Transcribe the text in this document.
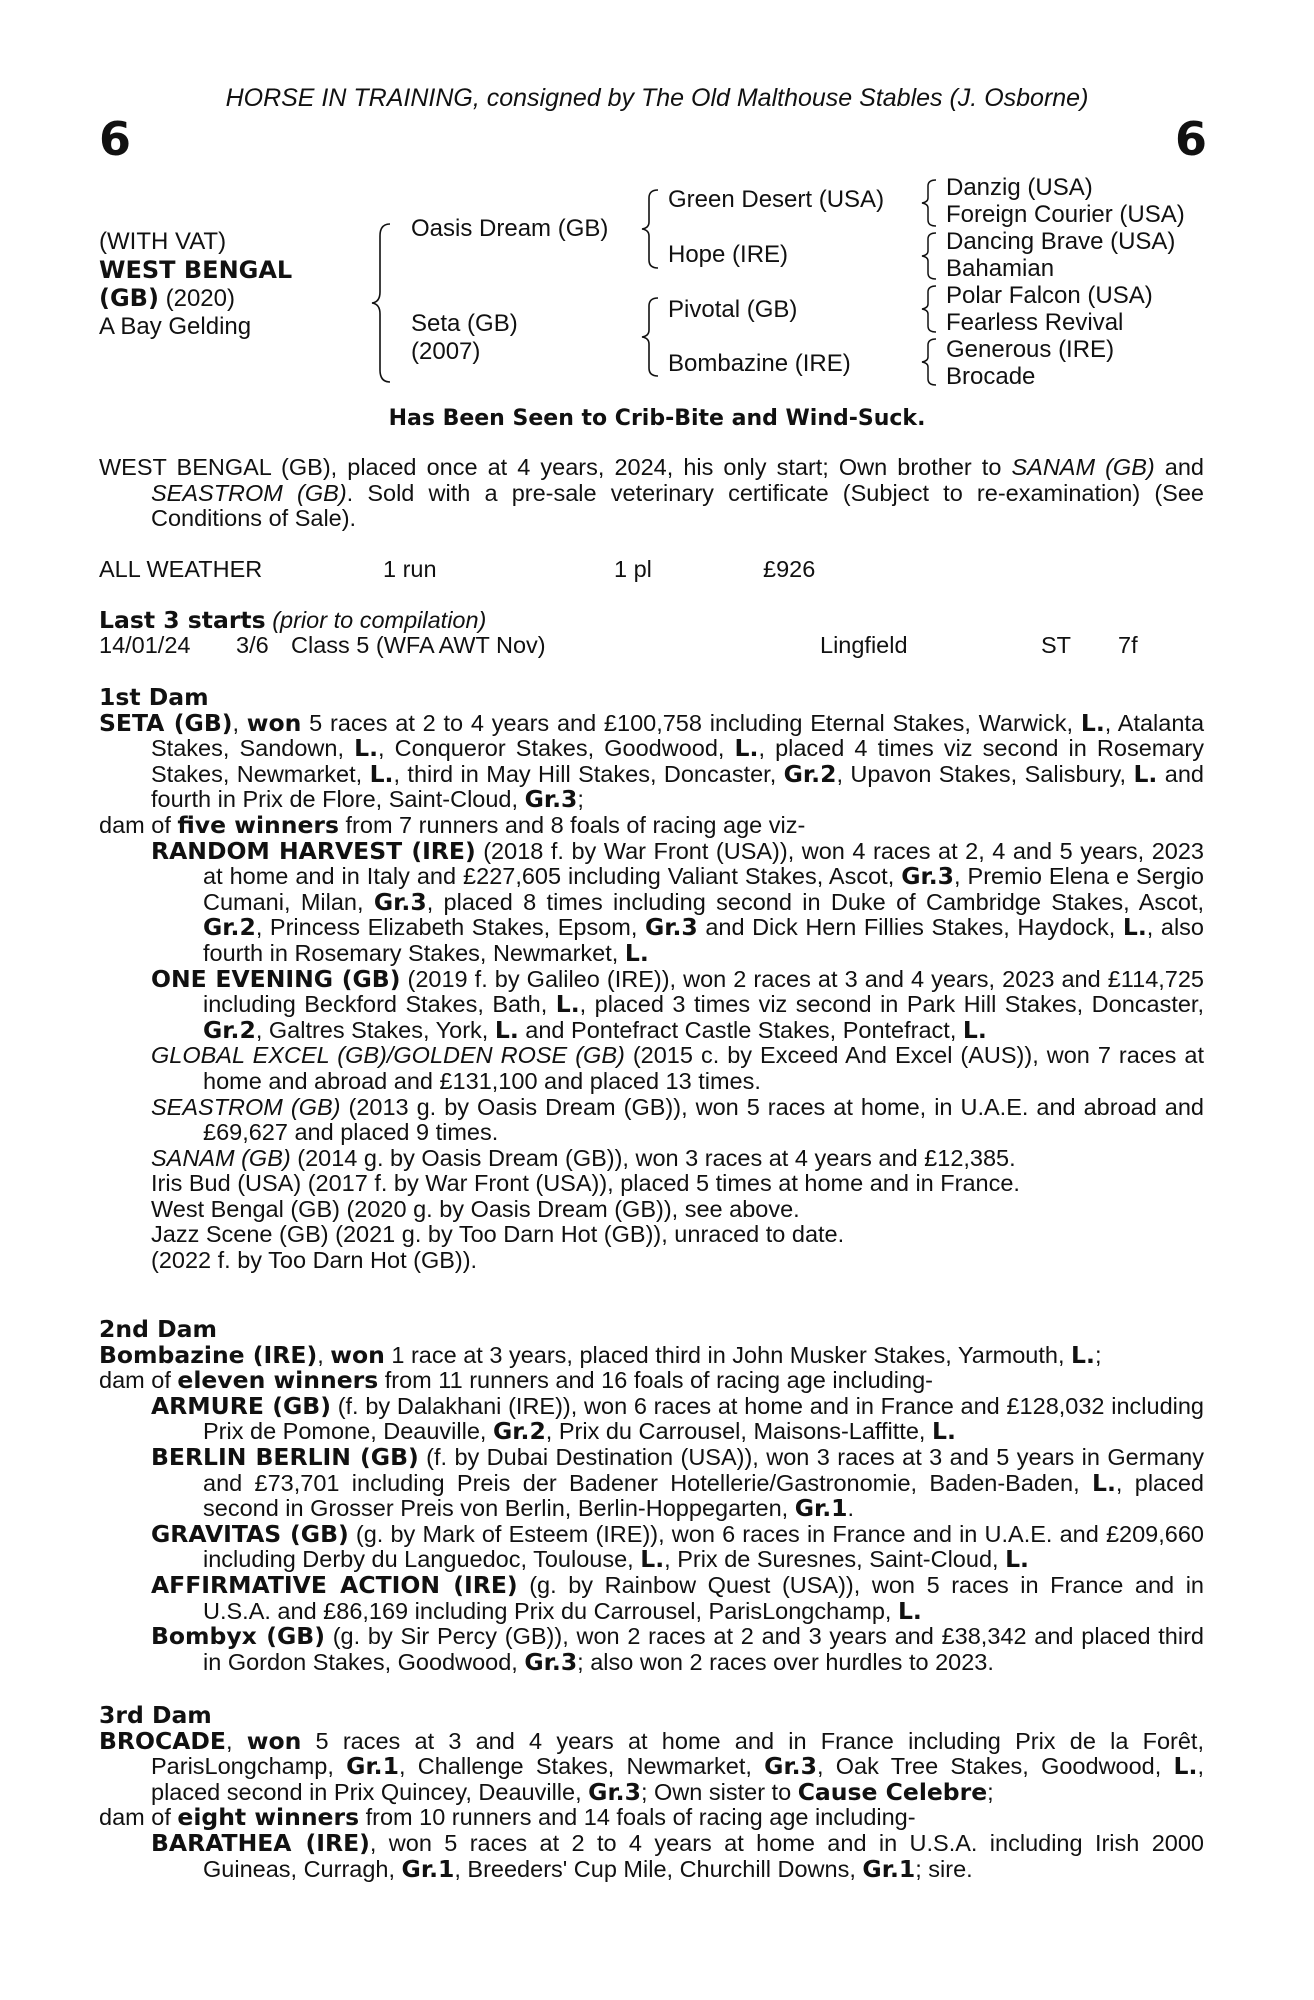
HORSE IN TRAINING, consigned by The Old Malthouse Stables (J. Osborne)
6	6
(WITH VAT)
WEST BENGAL
(GB) (2020)
A Bay Gelding
Oasis Dream (GB)
Seta (GB)
(2007)
Green Desert (USA)
Hope (IRE)
Pivotal (GB)
Bombazine (IRE)
Danzig (USA)
Foreign Courier (USA)
Dancing Brave (USA)
Bahamian
Polar Falcon (USA)
Fearless Revival
Generous (IRE)
Brocade
Has Been Seen to Crib-Bite and Wind-Suck.

WEST BENGAL (GB), placed once at 4 years, 2024, his only start; Own brother to SANAM (GB) and SEASTROM (GB). Sold with a pre-sale veterinary certificate (Subject to re-examination) (See Conditions of Sale).

ALL WEATHER	1 run	1 pl	£926
Last 3 starts (prior to compilation)
14/01/24 3/6 Class 5 (WFA AWT Nov)	Lingfield	ST 7f

1st Dam

SETA (GB), won 5 races at 2 to 4 years and £100,758 including Eternal Stakes, Warwick, L., Atalanta Stakes, Sandown, L., Conqueror Stakes, Goodwood, L., placed 4 times viz second in Rosemary Stakes, Newmarket, L., third in May Hill Stakes, Doncaster, Gr.2, Upavon Stakes, Salisbury, L. and fourth in Prix de Flore, Saint-Cloud, Gr.3;

dam of five winners from 7 runners and 8 foals of racing age viz-

RANDOM HARVEST (IRE) (2018 f. by War Front (USA)), won 4 races at 2, 4 and 5 years, 2023 at home and in Italy and £227,605 including Valiant Stakes, Ascot, Gr.3, Premio Elena e Sergio Cumani, Milan, Gr.3, placed 8 times including second in Duke of Cambridge Stakes, Ascot, Gr.2, Princess Elizabeth Stakes, Epsom, Gr.3 and Dick Hern Fillies Stakes, Haydock, L., also fourth in Rosemary Stakes, Newmarket, L.

ONE EVENING (GB) (2019 f. by Galileo (IRE)), won 2 races at 3 and 4 years, 2023 and £114,725 including Beckford Stakes, Bath, L., placed 3 times viz second in Park Hill Stakes, Doncaster, Gr.2, Galtres Stakes, York, L. and Pontefract Castle Stakes, Pontefract, L.

GLOBAL EXCEL (GB)/GOLDEN ROSE (GB) (2015 c. by Exceed And Excel (AUS)), won 7 races at home and abroad and £131,100 and placed 13 times.

SEASTROM (GB) (2013 g. by Oasis Dream (GB)), won 5 races at home, in U.A.E. and abroad and £69,627 and placed 9 times.

SANAM (GB) (2014 g. by Oasis Dream (GB)), won 3 races at 4 years and £12,385.

Iris Bud (USA) (2017 f. by War Front (USA)), placed 5 times at home and in France.

West Bengal (GB) (2020 g. by Oasis Dream (GB)), see above.

Jazz Scene (GB) (2021 g. by Too Darn Hot (GB)), unraced to date.

(2022 f. by Too Darn Hot (GB)).

2nd Dam

Bombazine (IRE), won 1 race at 3 years, placed third in John Musker Stakes, Yarmouth, L.;

dam of eleven winners from 11 runners and 16 foals of racing age including-

ARMURE (GB) (f. by Dalakhani (IRE)), won 6 races at home and in France and £128,032 including Prix de Pomone, Deauville, Gr.2, Prix du Carrousel, Maisons-Laffitte, L.

BERLIN BERLIN (GB) (f. by Dubai Destination (USA)), won 3 races at 3 and 5 years in Germany and £73,701 including Preis der Badener Hotellerie/Gastronomie, Baden-Baden, L., placed second in Grosser Preis von Berlin, Berlin-Hoppegarten, Gr.1.

GRAVITAS (GB) (g. by Mark of Esteem (IRE)), won 6 races in France and in U.A.E. and £209,660 including Derby du Languedoc, Toulouse, L., Prix de Suresnes, Saint-Cloud, L.

AFFIRMATIVE ACTION (IRE) (g. by Rainbow Quest (USA)), won 5 races in France and in U.S.A. and £86,169 including Prix du Carrousel, ParisLongchamp, L.

Bombyx (GB) (g. by Sir Percy (GB)), won 2 races at 2 and 3 years and £38,342 and placed third in Gordon Stakes, Goodwood, Gr.3; also won 2 races over hurdles to 2023.

3rd Dam

BROCADE, won 5 races at 3 and 4 years at home and in France including Prix de la Forêt, ParisLongchamp, Gr.1, Challenge Stakes, Newmarket, Gr.3, Oak Tree Stakes, Goodwood, L., placed second in Prix Quincey, Deauville, Gr.3; Own sister to Cause Celebre;

dam of eight winners from 10 runners and 14 foals of racing age including-

BARATHEA (IRE), won 5 races at 2 to 4 years at home and in U.S.A. including Irish 2000 Guineas, Curragh, Gr.1, Breeders' Cup Mile, Churchill Downs, Gr.1; sire.
